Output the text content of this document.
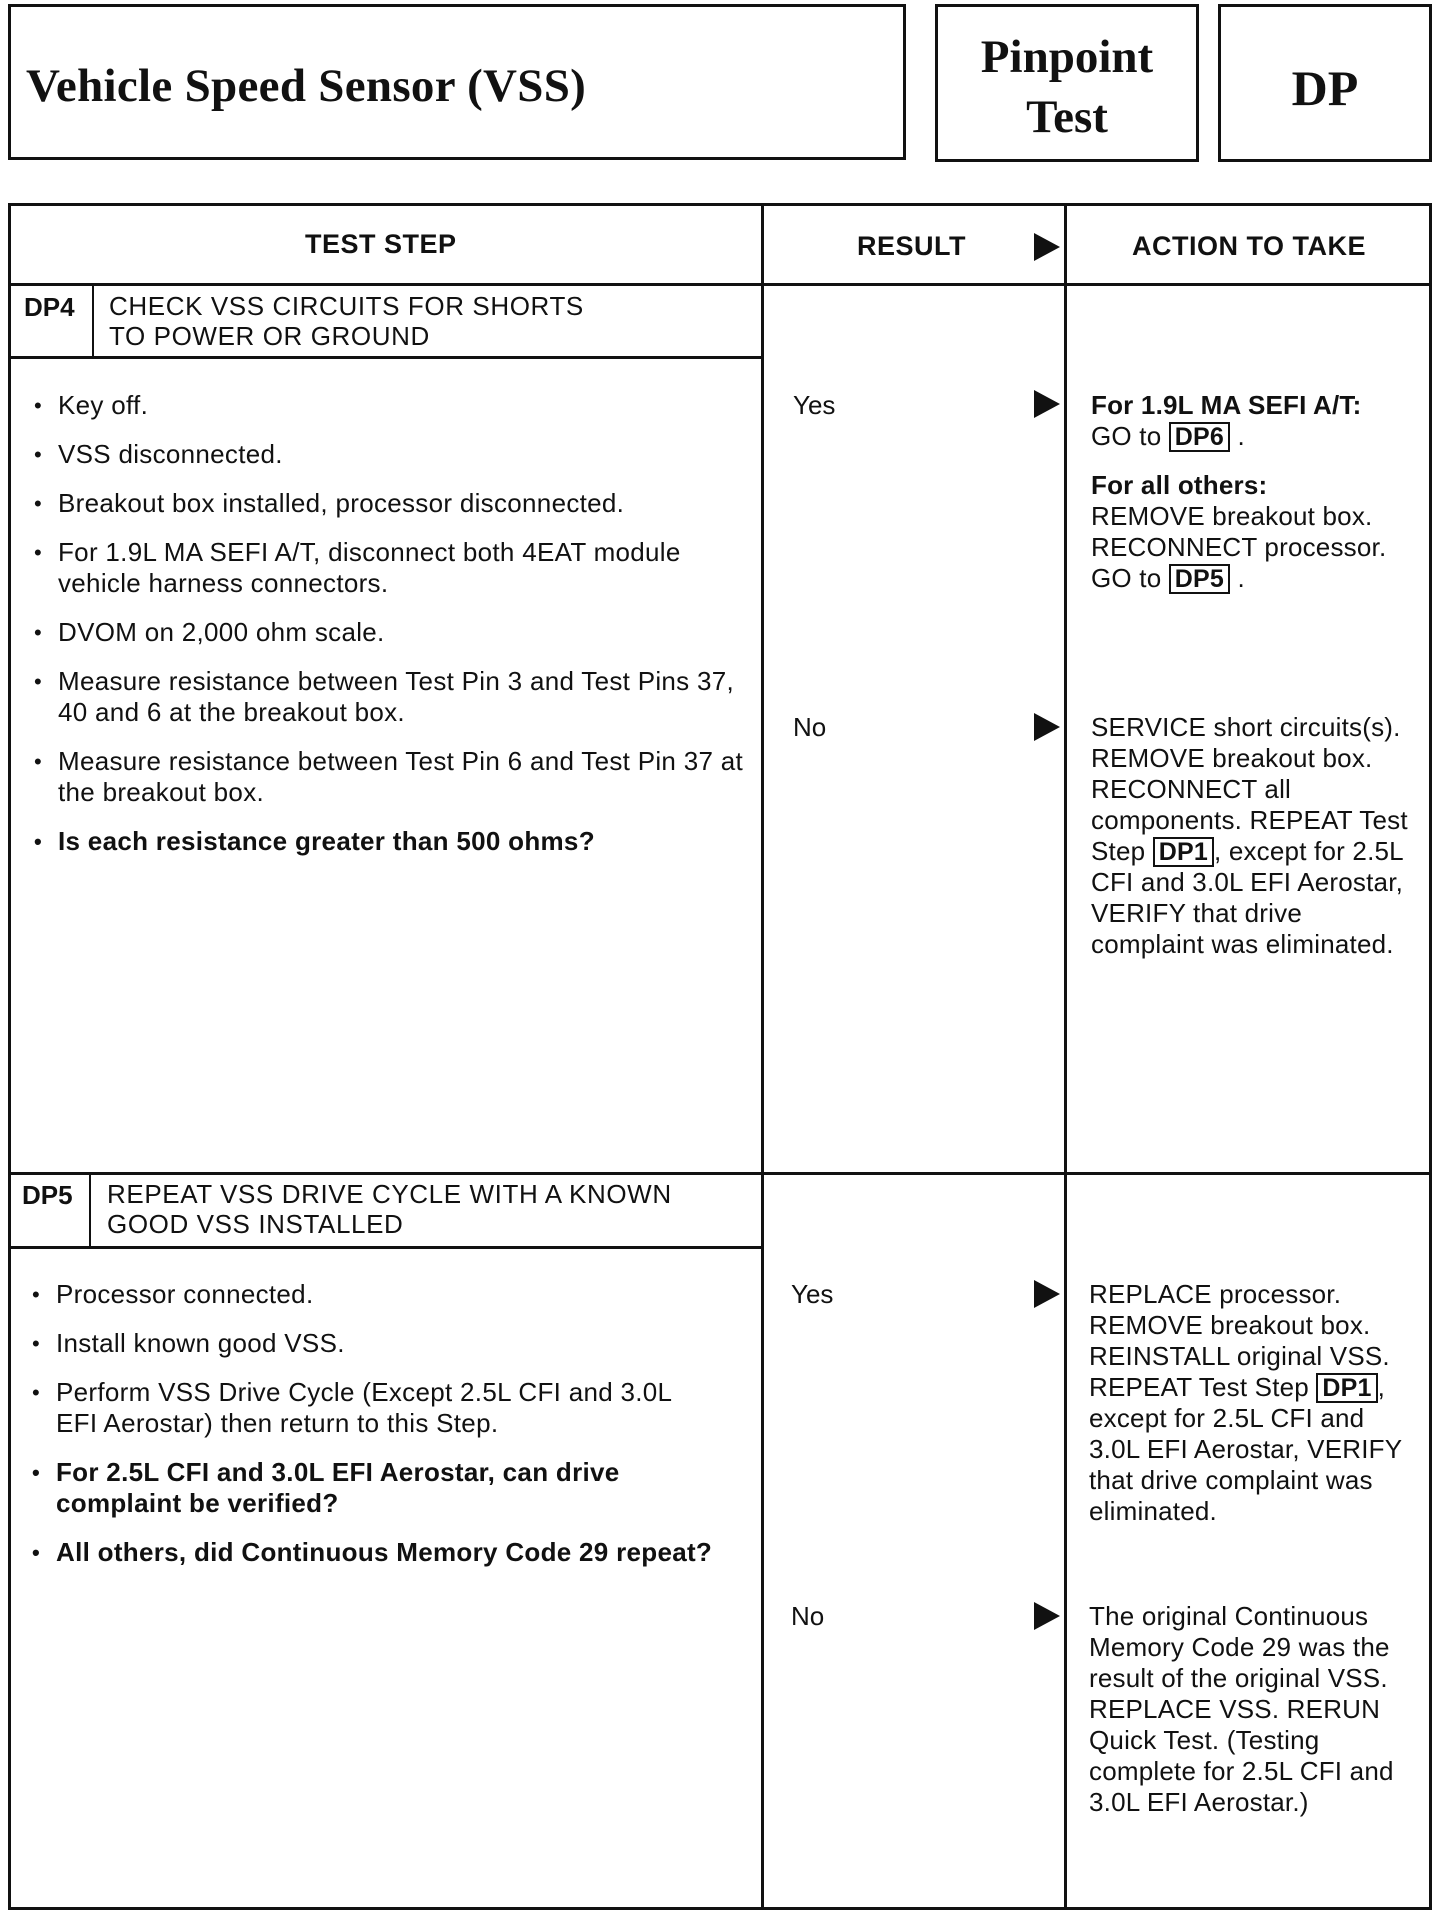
Vehicle Speed Sensor (VSS)
Pinpoint
Test
DP
TEST STEP	RESULT	ACTION TO TAKE
DP4 CHECK VSS CIRCUITS FOR SHORTS
TO POWER OR GROUND
• Key off.
• VSS disconnected.
• Breakout box installed, processor disconnected.
• For 1.9L MA SEFI A/T, disconnect both 4EAT module vehicle harness connectors.
• DVOM on 2,000 ohm scale.
• Measure resistance between Test Pin 3 and Test Pins 37, 40 and 6 at the breakout box.
• Measure resistance between Test Pin 6 and Test Pin 37 at the breakout box.
• Is each resistance greater than 500 ohms?
Yes	For 1.9L MA SEFI A/T:
GO to DP6 .

For all others:
REMOVE breakout box. RECONNECT processor. GO to DP5 .

No	SERVICE short circuits(s). REMOVE breakout box. RECONNECT all components. REPEAT Test Step DP1 , except for 2.5L CFI and 3.0L EFI Aerostar, VERIFY that drive complaint was eliminated.
DP5 REPEAT VSS DRIVE CYCLE WITH A KNOWN
GOOD VSS INSTALLED
• Processor connected.
• Install known good VSS.
• Perform VSS Drive Cycle (Except 2.5L CFI and 3.0L EFI Aerostar) then return to this Step.
• For 2.5L CFI and 3.0L EFI Aerostar, can drive complaint be verified?
• All others, did Continuous Memory Code 29 repeat?
Yes	REPLACE processor. REMOVE breakout box. REINSTALL original VSS. REPEAT Test Step DP1 , except for 2.5L CFI and 3.0L EFI Aerostar, VERIFY that drive complaint was eliminated.
No	The original Continuous Memory Code 29 was the result of the original VSS. REPLACE VSS. RERUN Quick Test. (Testing complete for 2.5L CFI and 3.0L EFI Aerostar.)
